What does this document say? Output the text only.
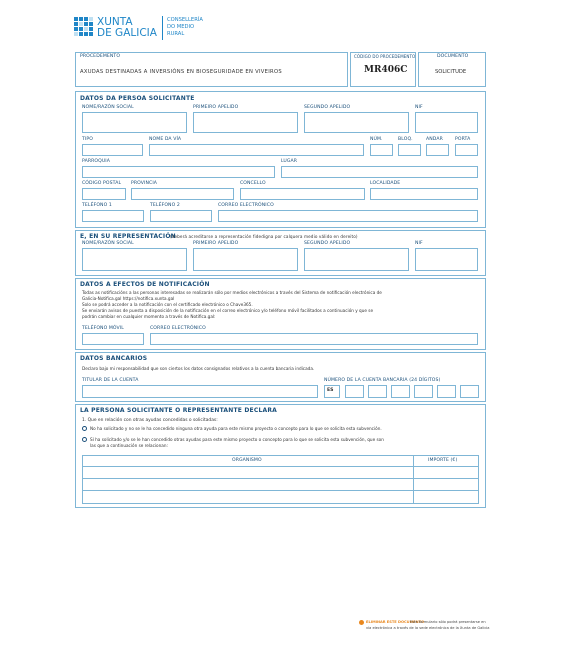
XUNTA
DE GALICIA
CONSELLERÍA
DO MEDIO
RURAL
PROCEDEMENTO
AXUDAS DESTINADAS A INVERSIÓNS EN BIOSEGURIDADE EN VIVEIROS
CÓDIGO DO PROCEDEMENTO
MR406C
DOCUMENTO
SOLICITUDE
DATOS DA PERSOA SOLICITANTE
NOME/RAZÓN SOCIAL	PRIMEIRO APELIDO	SEGUNDO APELIDO	NIF
TIPO	NOME DA VÍA	NÚM.	BLOQ.	ANDAR	PORTA
PARROQUIA	LUGAR
CÓDIGO POSTAL PROVINCIA	CONCELLO	LOCALIDADE
TELÉFONO 1	TELÉFONO 2	CORREO ELECTRÓNICO
E, EN SU REPRESENTACIÓN
(deberá acreditarse a representación fidedigna por calquera medio válido en dereito)
NOME/RAZÓN SOCIAL	PRIMEIRO APELIDO	SEGUNDO APELIDO	NIF
DATOS A EFECTOS DE NOTIFICACIÓN
Todas as notificacións a las personas interesadas se realizarán sólo por medios electrónicos a través del Sistema de notificación electrónica de
Galicia-Notifica.gal https://notifica.xunta.gal
Solo se podrá acceder a la notificación con el certificado electrónico o Chave365.
Se enviarán avisos de puesta a disposición de la notificación en el correo electrónico y/o teléfono móvil facilitados a continuación y que se
podrán cambiar en cualquier momento a través de Notifica.gal:
TELÉFONO MÓVIL	CORREO ELECTRÓNICO
DATOS BANCARIOS
Declaro bajo mi responsabilidad que son ciertos los datos consignados relativos a la cuenta bancaria indicada.
TITULAR DE LA CUENTA	NÚMERO DE LA CUENTA BANCARIA (24 DÍGITOS)
ES
LA PERSONA SOLICITANTE O REPRESENTANTE DECLARA
1. Que en relación con otras ayudas concedidas o solicitadas:
No ha solicitado y no se le ha concedido ninguna otra ayuda para este mismo proyecto o concepto para lo que se solicita esta subvención.
Sí ha solicitado y/o se le han concedido otras ayudas para este mismo proyecto o concepto para lo que se solicita esta subvención, que son
las que a continuación se relacionan:
ORGANISMO	IMPORTE (€)
ELIMINAR ESTE DOCUMENTO
Este formulario sólo podrá presentarse en
vía electrónica a través de la sede electrónica de la Xunta de Galicia
